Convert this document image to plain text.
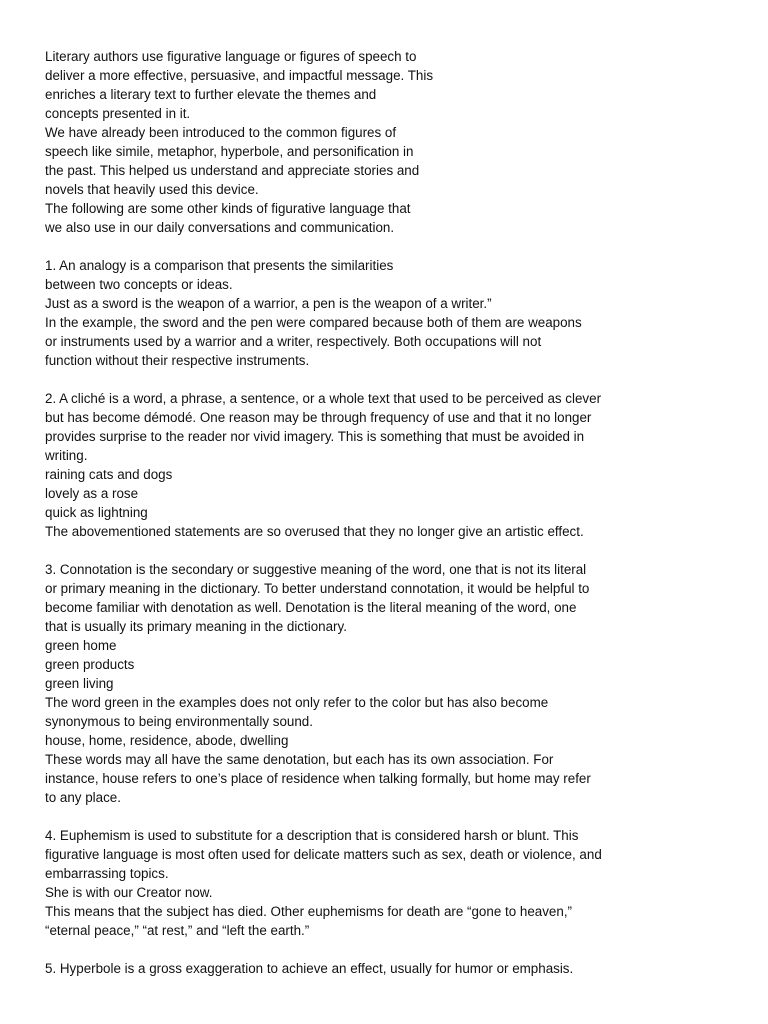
Literary authors use figurative language or figures of speech to
deliver a more effective, persuasive, and impactful message. This
enriches a literary text to further elevate the themes and
concepts presented in it.
We have already been introduced to the common figures of
speech like simile, metaphor, hyperbole, and personification in
the past. This helped us understand and appreciate stories and
novels that heavily used this device.
The following are some other kinds of figurative language that
we also use in our daily conversations and communication.
1. An analogy is a comparison that presents the similarities
between two concepts or ideas.
Just as a sword is the weapon of a warrior, a pen is the weapon of a writer.”
In the example, the sword and the pen were compared because both of them are weapons
or instruments used by a warrior and a writer, respectively. Both occupations will not
function without their respective instruments.
2. A cliché is a word, a phrase, a sentence, or a whole text that used to be perceived as clever
but has become démodé. One reason may be through frequency of use and that it no longer
provides surprise to the reader nor vivid imagery. This is something that must be avoided in
writing.
raining cats and dogs
lovely as a rose
quick as lightning
The abovementioned statements are so overused that they no longer give an artistic effect.
3. Connotation is the secondary or suggestive meaning of the word, one that is not its literal
or primary meaning in the dictionary. To better understand connotation, it would be helpful to
become familiar with denotation as well. Denotation is the literal meaning of the word, one
that is usually its primary meaning in the dictionary.
green home
green products
green living
The word green in the examples does not only refer to the color but has also become
synonymous to being environmentally sound.
house, home, residence, abode, dwelling
These words may all have the same denotation, but each has its own association. For
instance, house refers to one’s place of residence when talking formally, but home may refer
to any place.
4. Euphemism is used to substitute for a description that is considered harsh or blunt. This
figurative language is most often used for delicate matters such as sex, death or violence, and
embarrassing topics.
She is with our Creator now.
This means that the subject has died. Other euphemisms for death are “gone to heaven,”
“eternal peace,” “at rest,” and “left the earth.”
5. Hyperbole is a gross exaggeration to achieve an effect, usually for humor or emphasis.
